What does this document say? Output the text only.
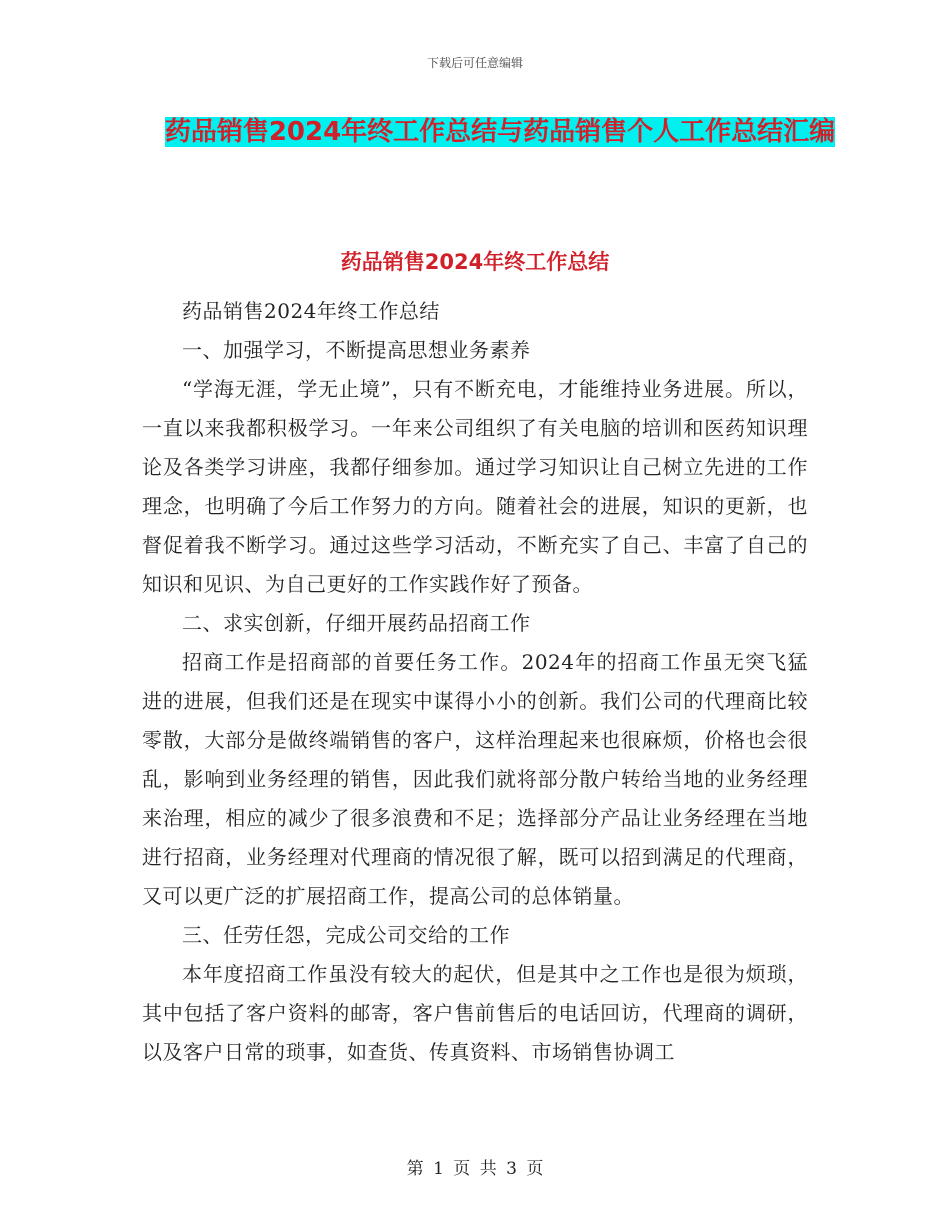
下载后可任意编辑
药品销售2024年终工作总结与药品销售个人工作总结汇编
药品销售2024年终工作总结

药品销售2024年终工作总结

一、加强学习，不断提高思想业务素养

“学海无涯，学无止境”，只有不断充电，才能维持业务进展。所以，一直以来我都积极学习。一年来公司组织了有关电脑的培训和医药知识理论及各类学习讲座，我都仔细参加。通过学习知识让自己树立先进的工作理念，也明确了今后工作努力的方向。随着社会的进展，知识的更新，也督促着我不断学习。通过这些学习活动，不断充实了自己、丰富了自己的知识和见识、为自己更好的工作实践作好了预备。

二、求实创新，仔细开展药品招商工作

招商工作是招商部的首要任务工作。2024年的招商工作虽无突飞猛进的进展，但我们还是在现实中谋得小小的创新。我们公司的代理商比较零散，大部分是做终端销售的客户，这样治理起来也很麻烦，价格也会很乱，影响到业务经理的销售，因此我们就将部分散户转给当地的业务经理来治理，相应的减少了很多浪费和不足；选择部分产品让业务经理在当地进行招商，业务经理对代理商的情况很了解，既可以招到满足的代理商，又可以更广泛的扩展招商工作，提高公司的总体销量。

三、任劳任怨，完成公司交给的工作

本年度招商工作虽没有较大的起伏，但是其中之工作也是很为烦琐，其中包括了客户资料的邮寄，客户售前售后的电话回访，代理商的调研，以及客户日常的琐事，如查货、传真资料、市场销售协调工

第 1 页 共 3 页
